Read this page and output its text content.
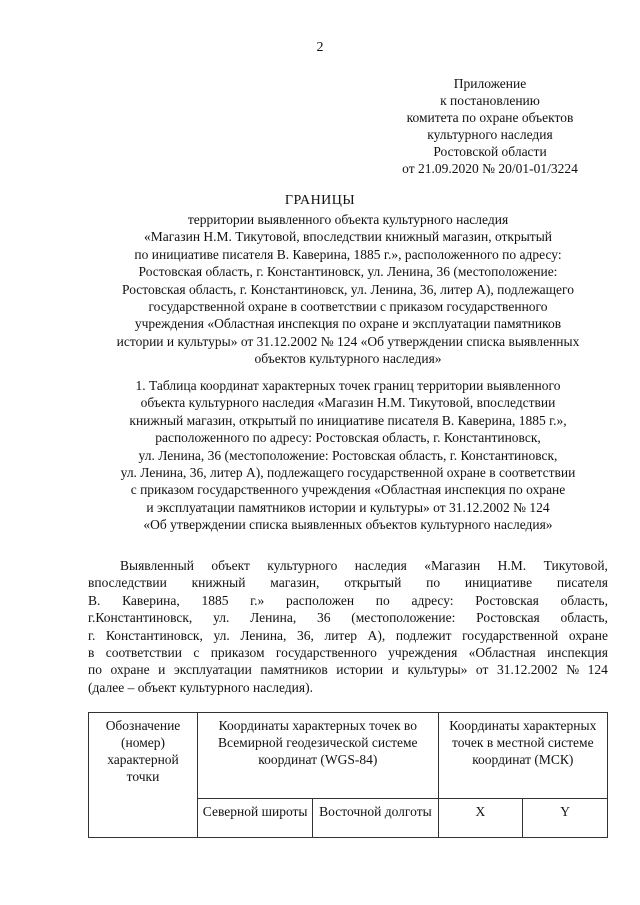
2
Приложение
к постановлению
комитета по охране объектов
культурного наследия
Ростовской области
от 21.09.2020 № 20/01-01/3224
ГРАНИЦЫ
территории выявленного объекта культурного наследия
«Магазин Н.М. Тикутовой, впоследствии книжный магазин, открытый
по инициативе писателя В. Каверина, 1885 г.», расположенного по адресу:
Ростовская область, г. Константиновск, ул. Ленина, 36 (местоположение:
Ростовская область, г. Константиновск, ул. Ленина, 36, литер А), подлежащего
государственной охране в соответствии с приказом государственного
учреждения «Областная инспекция по охране и эксплуатации памятников
истории и культуры» от 31.12.2002 № 124 «Об утверждении списка выявленных
объектов культурного наследия»
1. Таблица координат характерных точек границ территории выявленного
объекта культурного наследия «Магазин Н.М. Тикутовой, впоследствии
книжный магазин, открытый по инициативе писателя В. Каверина, 1885 г.»,
расположенного по адресу: Ростовская область, г. Константиновск,
ул. Ленина, 36 (местоположение: Ростовская область, г. Константиновск,
ул. Ленина, 36, литер А), подлежащего государственной охране в соответствии
с приказом государственного учреждения «Областная инспекция по охране
и эксплуатации памятников истории и культуры» от 31.12.2002 № 124
«Об утверждении списка выявленных объектов культурного наследия»
Выявленный объект культурного наследия «Магазин Н.М. Тикутовой,
впоследствии книжный магазин, открытый по инициативе писателя
В. Каверина, 1885 г.» расположен по адресу: Ростовская область,
г.Константиновск, ул. Ленина, 36 (местоположение: Ростовская область,
г. Константиновск, ул. Ленина, 36, литер А), подлежит государственной охране
в соответствии с приказом государственного учреждения «Областная инспекция
по охране и эксплуатации памятников истории и культуры» от 31.12.2002 № 124
(далее – объект культурного наследия).
Обозначение (номер) характерной точки	Координаты характерных точек во Всемирной геодезической системе координат (WGS-84)		Координаты характерных точек в местной системе координат (МСК)	
	Северной широты	Восточной долготы	X	Y
